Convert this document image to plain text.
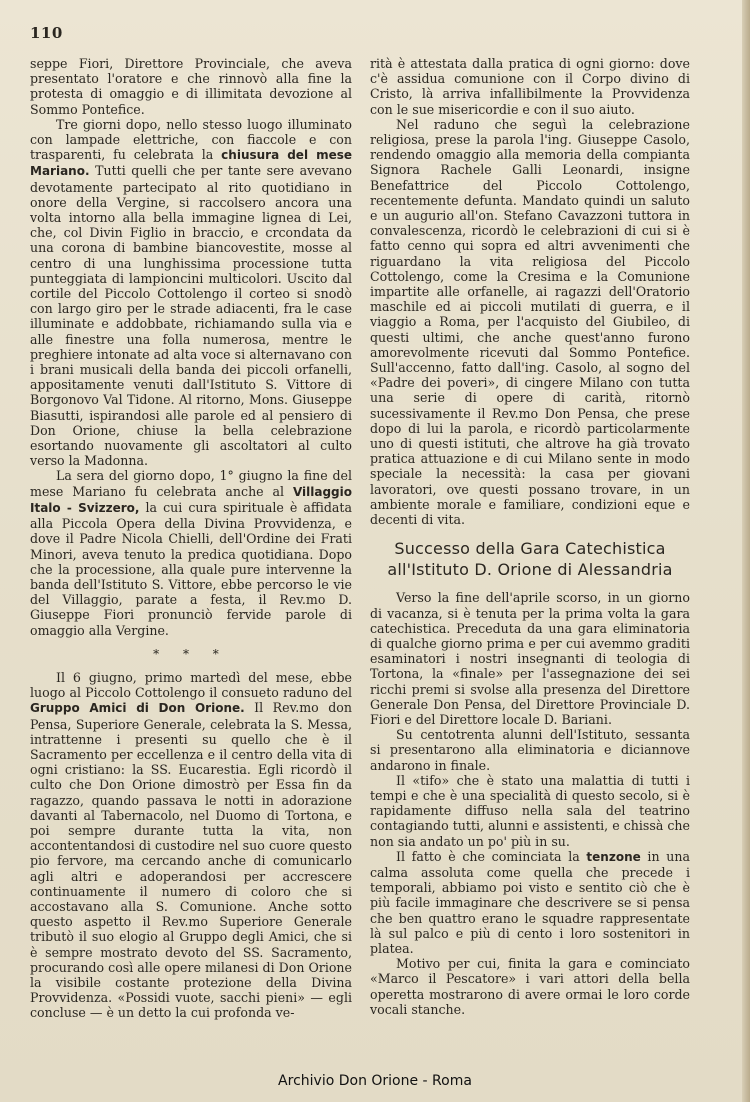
110

seppe Fiori, Direttore Provinciale, che aveva presentato l'oratore e che rinnovò alla fine la protesta di omaggio e di illimitata devozione al Sommo Pontefice.

Tre giorni dopo, nello stesso luogo illuminato con lampade elettriche, con fiaccole e con trasparenti, fu celebrata la chiusura del mese Mariano. Tutti quelli che per tante sere avevano devotamente partecipato al rito quotidiano in onore della Vergine, si raccolsero ancora una volta intorno alla bella immagine lignea di Lei, che, col Divin Figlio in braccio, e crcondata da una corona di bambine biancovestite, mosse al centro di una lunghissima processione tutta punteggiata di lampioncini multicolori. Uscito dal cortile del Piccolo Cottolengo il corteo si snodò con largo giro per le strade adiacenti, fra le case illuminate e addobbate, richiamando sulla via e alle finestre una folla numerosa, mentre le preghiere intonate ad alta voce si alternavano con i brani musicali della banda dei piccoli orfanelli, appositamente venuti dall'Istituto S. Vittore di Borgonovo Val Tidone. Al ritorno, Mons. Giuseppe Biasutti, ispirandosi alle parole ed al pensiero di Don Orione, chiuse la bella celebrazione esortando nuovamente gli ascoltatori al culto verso la Madonna.

La sera del giorno dopo, 1° giugno la fine del mese Mariano fu celebrata anche al Villaggio Italo - Svizzero, la cui cura spirituale è affidata alla Piccola Opera della Divina Provvidenza, e dove il Padre Nicola Chielli, dell'Ordine dei Frati Minori, aveva tenuto la predica quotidiana. Dopo che la processione, alla quale pure intervenne la banda dell'Istituto S. Vittore, ebbe percorso le vie del Villaggio, parate a festa, il Rev.mo D. Giuseppe Fiori pronunciò fervide parole di omaggio alla Vergine.

* * *

Il 6 giugno, primo martedì del mese, ebbe luogo al Piccolo Cottolengo il consueto raduno del Gruppo Amici di Don Orione. Il Rev.mo don Pensa, Superiore Generale, celebrata la S. Messa, intrattenne i presenti su quello che è il Sacramento per eccellenza e il centro della vita di ogni cristiano: la SS. Eucarestia. Egli ricordò il culto che Don Orione dimostrò per Essa fin da ragazzo, quando passava le notti in adorazione davanti al Tabernacolo, nel Duomo di Tortona, e poi sempre durante tutta la vita, non accontentandosi di custodire nel suo cuore questo pio fervore, ma cercando anche di comunicarlo agli altri e adoperandosi per accrescere continuamente il numero di coloro che si accostavano alla S. Comunione. Anche sotto questo aspetto il Rev.mo Superiore Generale tributò il suo elogio al Gruppo degli Amici, che si è sempre mostrato devoto del SS. Sacramento, procurando così alle opere milanesi di Don Orione la visibile costante protezione della Divina Provvidenza. «Possidi vuote, sacchi pieni» — egli concluse — è un detto la cui profonda ve-

rità è attestata dalla pratica di ogni giorno: dove c'è assidua comunione con il Corpo divino di Cristo, là arriva infallibilmente la Provvidenza con le sue misericordie e con il suo aiuto.

Nel raduno che seguì la celebrazione religiosa, prese la parola l'ing. Giuseppe Casolo, rendendo omaggio alla memoria della compianta Signora Rachele Galli Leonardi, insigne Benefattrice del Piccolo Cottolengo, recentemente defunta. Mandato quindi un saluto e un augurio all'on. Stefano Cavazzoni tuttora in convalescenza, ricordò le celebrazioni di cui si è fatto cenno qui sopra ed altri avvenimenti che riguardano la vita religiosa del Piccolo Cottolengo, come la Cresima e la Comunione impartite alle orfanelle, ai ragazzi dell'Oratorio maschile ed ai piccoli mutilati di guerra, e il viaggio a Roma, per l'acquisto del Giubileo, di questi ultimi, che anche quest'anno furono amorevolmente ricevuti dal Sommo Pontefice. Sull'accenno, fatto dall'ing. Casolo, al sogno del «Padre dei poveri», di cingere Milano con tutta una serie di opere di carità, ritornò sucessivamente il Rev.mo Don Pensa, che prese dopo di lui la parola, e ricordò particolarmente uno di questi istituti, che altrove ha già trovato pratica attuazione e di cui Milano sente in modo speciale la necessità: la casa per giovani lavoratori, ove questi possano trovare, in un ambiente morale e familiare, condizioni eque e decenti di vita.

Successo della Gara Catechistica
all'Istituto D. Orione di Alessandria

Verso la fine dell'aprile scorso, in un giorno di vacanza, si è tenuta per la prima volta la gara catechistica. Preceduta da una gara eliminatoria di qualche giorno prima e per cui avemmo graditi esaminatori i nostri insegnanti di teologia di Tortona, la «finale» per l'assegnazione dei sei ricchi premi si svolse alla presenza del Direttore Generale Don Pensa, del Direttore Provinciale D. Fiori e del Direttore locale D. Bariani.

Su centotrenta alunni dell'Istituto, sessanta si presentarono alla eliminatoria e diciannove andarono in finale.

Il «tifo» che è stato una malattia di tutti i tempi e che è una specialità di questo secolo, si è rapidamente diffuso nella sala del teatrino contagiando tutti, alunni e assistenti, e chissà che non sia andato un po' più in su.

Il fatto è che cominciata la tenzone in una calma assoluta come quella che precede i temporali, abbiamo poi visto e sentito ciò che è più facile immaginare che descrivere se si pensa che ben quattro erano le squadre rappresentate là sul palco e più di cento i loro sostenitori in platea.

Motivo per cui, finita la gara e cominciato «Marco il Pescatore» i vari attori della bella operetta mostrarono di avere ormai le loro corde vocali stanche.

Archivio Don Orione - Roma
